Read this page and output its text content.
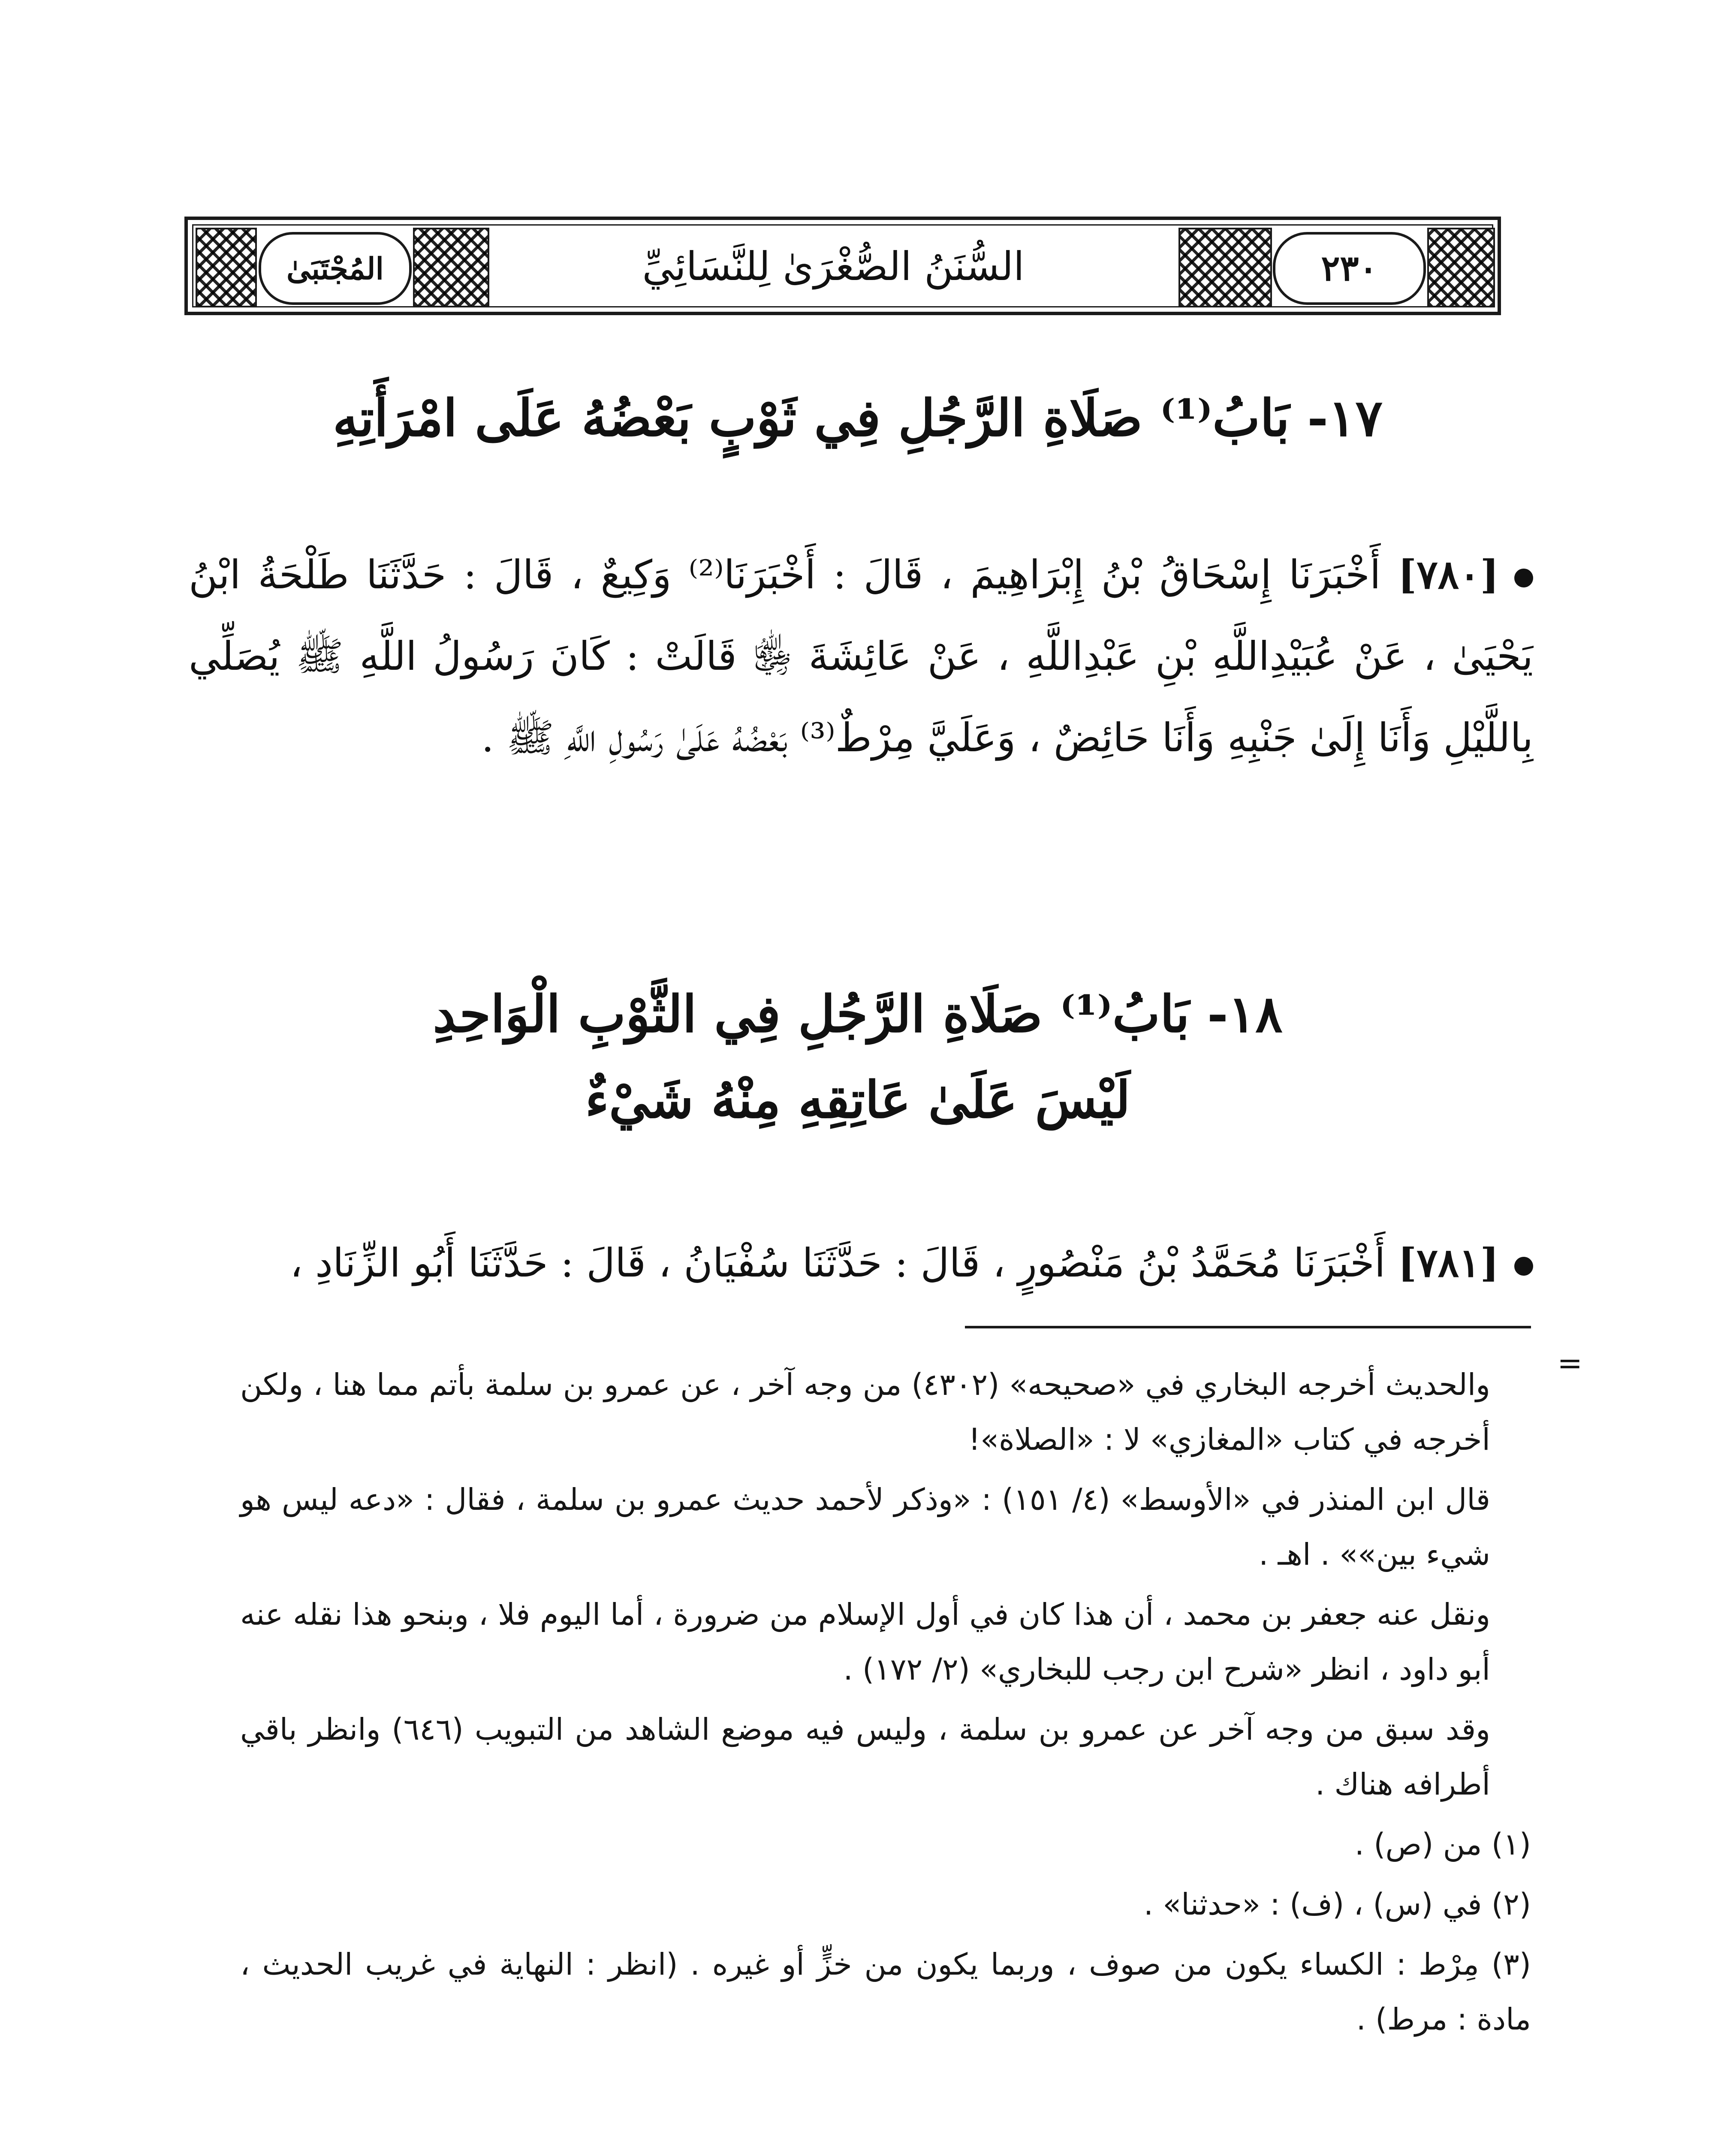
المُجْتَبَىٰ	السُّنَنُ الصُّغْرَىٰ لِلنَّسَائِيِّ	٢٣٠
١٧- بَابُ⁽¹⁾ صَلَاةِ الرَّجُلِ فِي ثَوْبٍ بَعْضُهُ عَلَى امْرَأَتِهِ
[٧٨٠] أَخْبَرَنَا إِسْحَاقُ بْنُ إِبْرَاهِيمَ ، قَالَ : أَخْبَرَنَا⁽²⁾ وَكِيعٌ ، قَالَ : حَدَّثَنَا طَلْحَةُ ابْنُ يَحْيَىٰ ، عَنْ عُبَيْدِاللَّهِ بْنِ عَبْدِاللَّهِ ، عَنْ عَائِشَةَ ﵂ قَالَتْ : كَانَ رَسُولُ اللَّهِ ﷺ يُصَلِّي بِاللَّيْلِ وَأَنَا إِلَىٰ جَنْبِهِ وَأَنَا حَائِضٌ ، وَعَلَيَّ مِرْطٌ⁽³⁾ بَعْضُهُ عَلَىٰ رَسُولِ اللَّهِ ﷺ .
١٨- بَابُ⁽¹⁾ صَلَاةِ الرَّجُلِ فِي الثَّوْبِ الْوَاحِدِ
لَيْسَ عَلَىٰ عَاتِقِهِ مِنْهُ شَيْءٌ
[٧٨١] أَخْبَرَنَا مُحَمَّدُ بْنُ مَنْصُورٍ ، قَالَ : حَدَّثَنَا سُفْيَانُ ، قَالَ : حَدَّثَنَا أَبُو الزِّنَادِ ،
=

والحديث أخرجه البخاري في «صحيحه» (٤٣٠٢) من وجه آخر ، عن عمرو بن سلمة بأتم مما هنا ، ولكن أخرجه في كتاب «المغازي» لا : «الصلاة»!

قال ابن المنذر في «الأوسط» (٤/ ١٥١) : «وذكر لأحمد حديث عمرو بن سلمة ، فقال : «دعه ليس هو شيء بين»» . اهـ .

ونقل عنه جعفر بن محمد ، أن هذا كان في أول الإسلام من ضرورة ، أما اليوم فلا ، وبنحو هذا نقله عنه أبو داود ، انظر «شرح ابن رجب للبخاري» (٢/ ١٧٢) .

وقد سبق من وجه آخر عن عمرو بن سلمة ، وليس فيه موضع الشاهد من التبويب (٦٤٦) وانظر باقي أطرافه هناك .

(١) من (ص) .

(٢) في (س) ، (ف) : «حدثنا» .

(٣) مِرْط : الكساء يكون من صوف ، وربما يكون من خزٍّ أو غيره . (انظر : النهاية في غريب الحديث ، مادة : مرط) .
